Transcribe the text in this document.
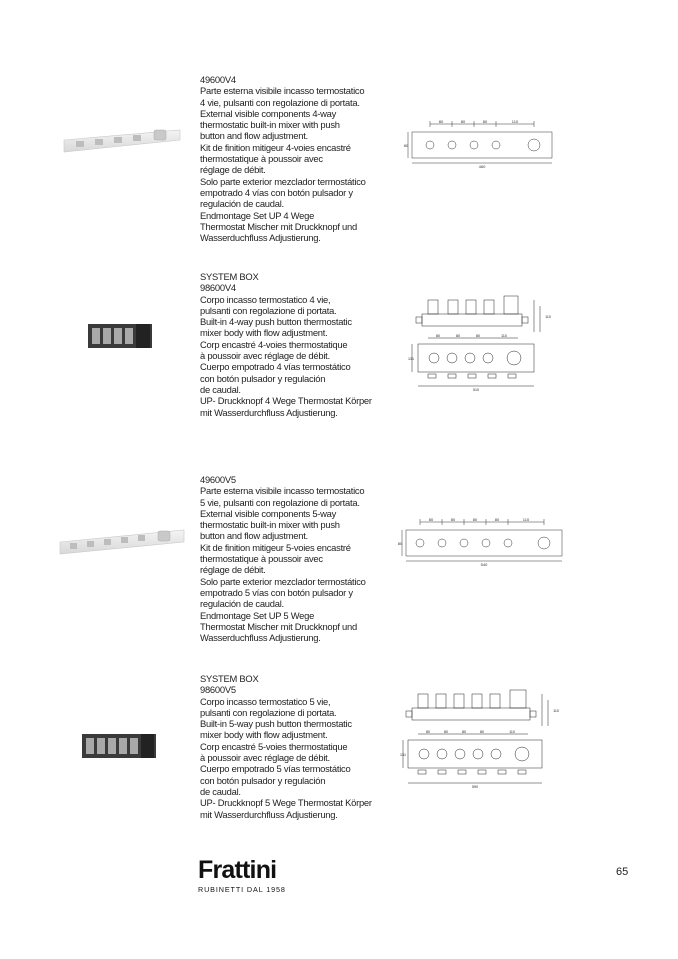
49600V4
Parte esterna visibile incasso termostatico
4 vie, pulsanti con regolazione di portata.
External visible components 4-way
thermostatic built-in mixer with push
button and flow adjustment.
Kit de finition mitigeur 4-voies encastré
thermostatique à poussoir avec
réglage de débit.
Solo parte exterior mezclador termostático
empotrado 4 vías con botón pulsador y
regulación de caudal.
Endmontage Set UP 4 Wege
Thermostat Mischer mit Druckknopf und
Wasserduchfluss Adjustierung.
80	80	80	110
80
460
SYSTEM BOX
98600V4
Corpo incasso termostatico 4 vie,
pulsanti con regolazione di portata.
Built-in 4-way push button thermostatic
mixer body with flow adjustment.
Corp encastré 4-voies thermostatique
à poussoir avec réglage de débit.
Cuerpo empotrado 4 vías termostático
con botón pulsador y regulación
de caudal.
UP- Druckknopf 4 Wege Thermostat Körper
mit Wasserdurchfluss Adjustierung.
80	80	80	110
131
510
110
49600V5
Parte esterna visibile incasso termostatico
5 vie, pulsanti con regolazione di portata.
External visible components 5-way
thermostatic built-in mixer with push
button and flow adjustment.
Kit de finition mitigeur 5-voies encastré
thermostatique à poussoir avec
réglage de débit.
Solo parte exterior mezclador termostático
empotrado 5 vías con botón pulsador y
regulación de caudal.
Endmontage Set UP 5 Wege
Thermostat Mischer mit Druckknopf und
Wasserduchfluss Adjustierung.
80	80	80	80	110
80
540
SYSTEM BOX
98600V5
Corpo incasso termostatico 5 vie,
pulsanti con regolazione di portata.
Built-in 5-way push button thermostatic
mixer body with flow adjustment.
Corp encastré 5-voies thermostatique
à poussoir avec réglage de débit.
Cuerpo empotrado 5 vías termostático
con botón pulsador y regulación
de caudal.
UP- Druckknopf 5 Wege Thermostat Körper
mit Wasserdurchfluss Adjustierung.
80	80	80	80	110
131
590
110
Frattini
RUBINETTI DAL 1958
65
